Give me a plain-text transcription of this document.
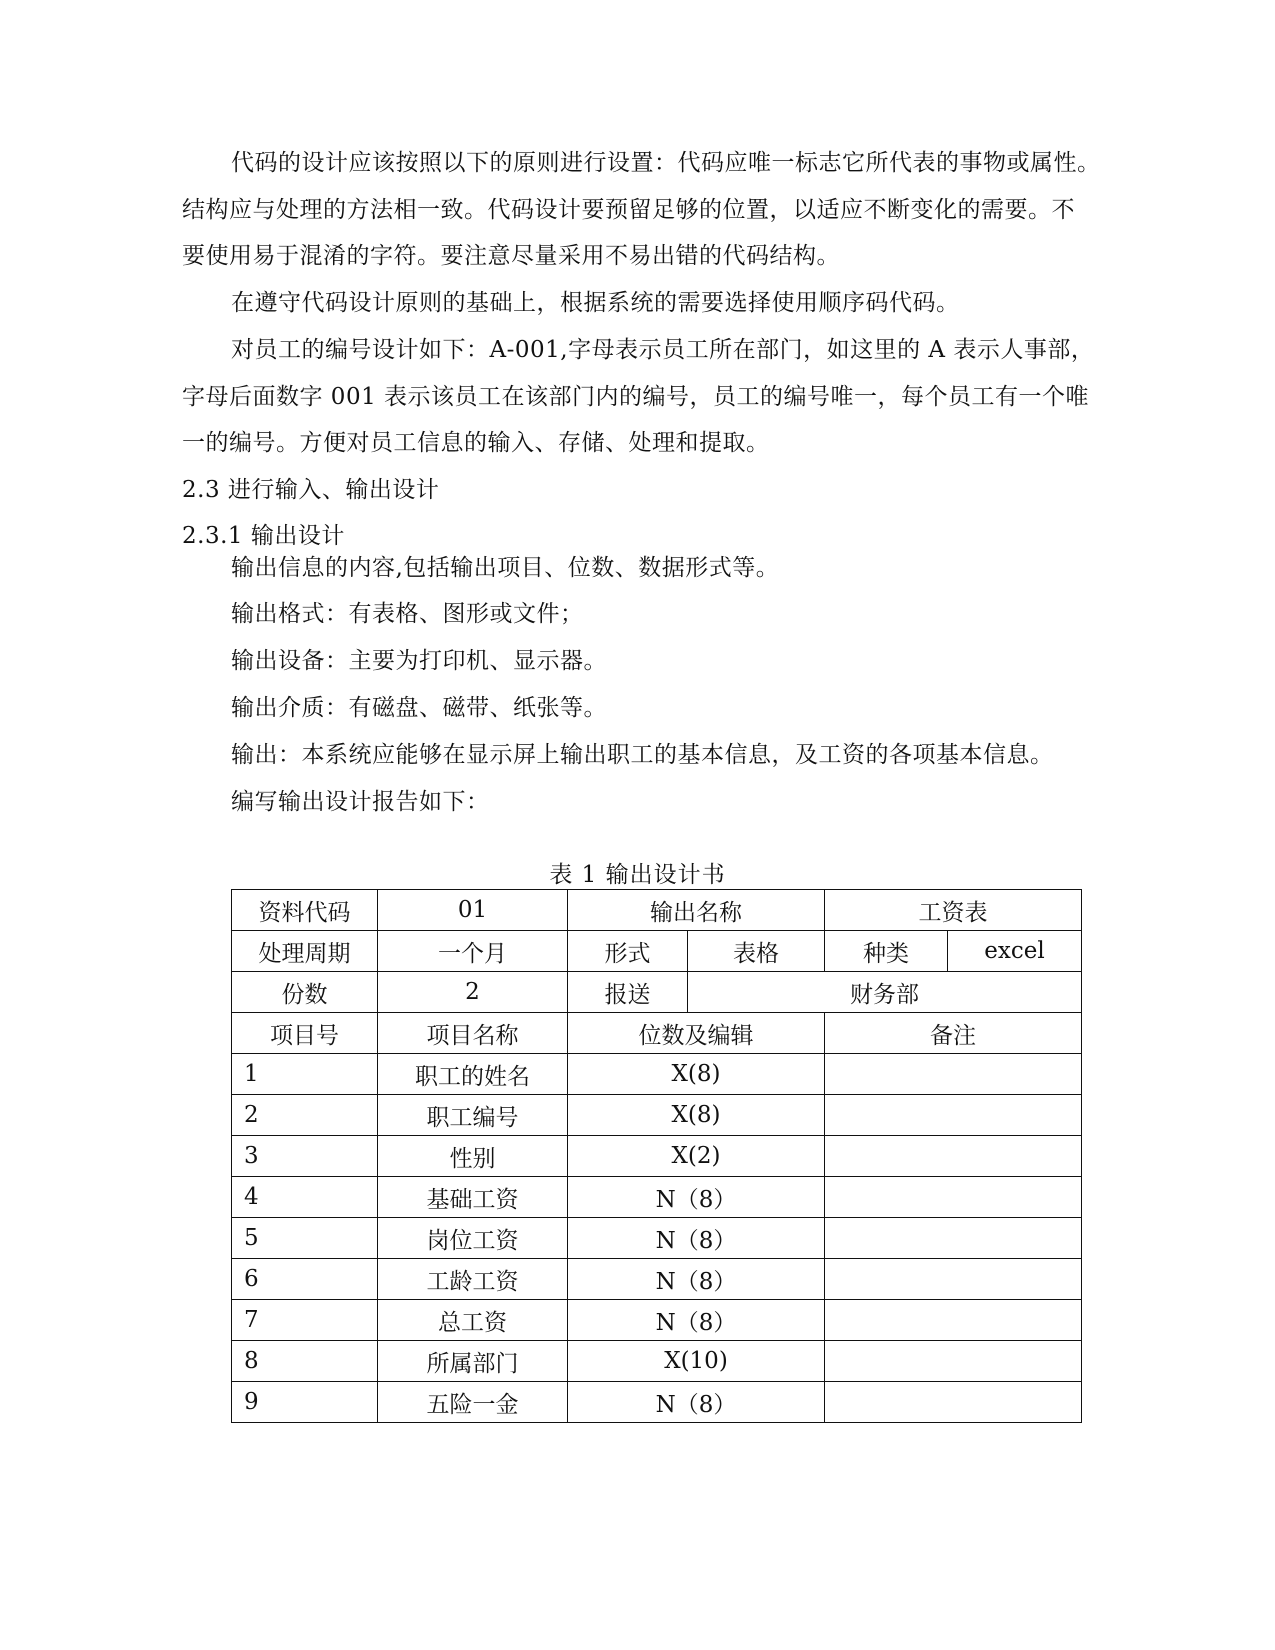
代码的设计应该按照以下的原则进行设置：代码应唯一标志它所代表的事物或属性。
结构应与处理的方法相一致。代码设计要预留足够的位置，以适应不断变化的需要。不
要使用易于混淆的字符。要注意尽量采用不易出错的代码结构。
在遵守代码设计原则的基础上，根据系统的需要选择使用顺序码代码。
对员工的编号设计如下：A-001,字母表示员工所在部门，如这里的 A 表示人事部，
字母后面数字 001 表示该员工在该部门内的编号，员工的编号唯一，每个员工有一个唯
一的编号。方便对员工信息的输入、存储、处理和提取。
2.3 进行输入、输出设计
2.3.1 输出设计
输出信息的内容,包括输出项目、位数、数据形式等。
输出格式：有表格、图形或文件；
输出设备：主要为打印机、显示器。
输出介质：有磁盘、磁带、纸张等。
输出：本系统应能够在显示屏上输出职工的基本信息，及工资的各项基本信息。
编写输出设计报告如下：
表 1 输出设计书
资料代码	01	输出名称		工资表	
处理周期	一个月	形式	表格	种类	excel
份数	2	报送	财务部		
项目号	项目名称	位数及编辑		备注	
1	职工的姓名	X(8)			
2	职工编号	X(8)			
3	性别	X(2)			
4	基础工资	N（8）			
5	岗位工资	N（8）			
6	工龄工资	N（8）			
7	总工资	N（8）			
8	所属部门	X(10)			
9	五险一金	N（8）			
